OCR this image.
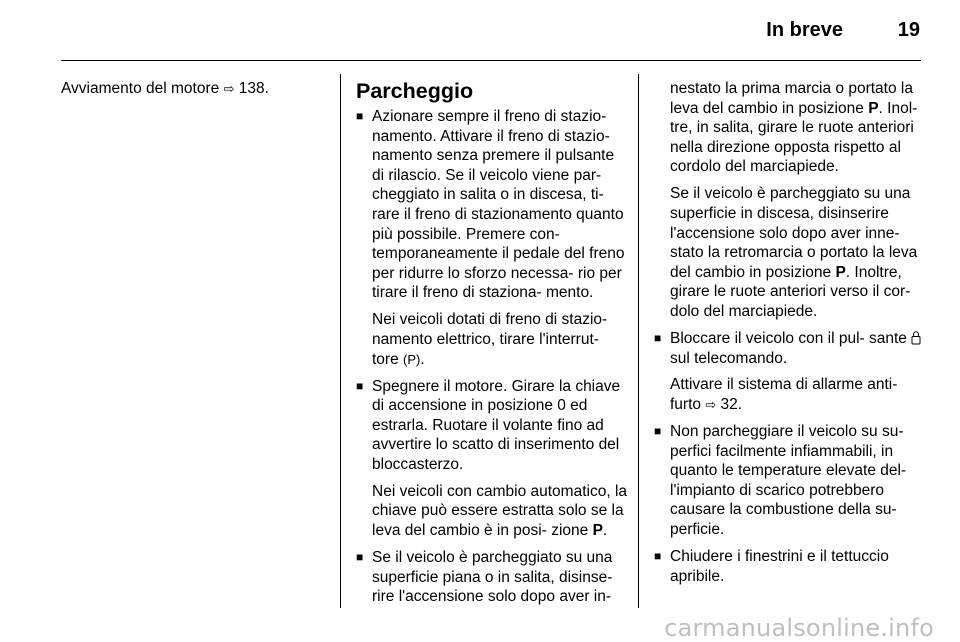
In breve	19

Avviamento del motore ⇨ 138.	Parcheggio
■ Azionare sempre il freno di stazio- namento. Attivare il freno di stazio- namento senza premere il pulsante di rilascio. Se il veicolo viene par- cheggiato in salita o in discesa, ti- rare il freno di stazionamento quanto più possibile. Premere con- temporaneamente il pedale del freno per ridurre lo sforzo necessa- rio per tirare il freno di staziona- mento.

Nei veicoli dotati di freno di stazio- namento elettrico, tirare l'interrut- tore (P).

■ Spegnere il motore. Girare la chiave di accensione in posizione 0 ed estrarla. Ruotare il volante fino ad avvertire lo scatto di inserimento del bloccasterzo.

Nei veicoli con cambio automatico, la chiave può essere estratta solo se la leva del cambio è in posi- zione P.

■ Se il veicolo è parcheggiato su una superficie piana o in salita, disinse- rire l'accensione solo dopo aver in-

nestato la prima marcia o portato la leva del cambio in posizione P. Inol- tre, in salita, girare le ruote anteriori nella direzione opposta rispetto al cordolo del marciapiede.

Se il veicolo è parcheggiato su una superficie in discesa, disinserire l'accensione solo dopo aver inne- stato la retromarcia o portato la leva del cambio in posizione P. Inoltre, girare le ruote anteriori verso il cor- dolo del marciapiede.

■ Bloccare il veicolo con il pul- sante  sul telecomando.

Attivare il sistema di allarme anti- furto ⇨ 32.

■ Non parcheggiare il veicolo su su- perfici facilmente infiammabili, in quanto le temperature elevate del- l'impianto di scarico potrebbero causare la combustione della su- perficie.

■ Chiudere i finestrini e il tettuccio apribile.

carmanualsonline.info
